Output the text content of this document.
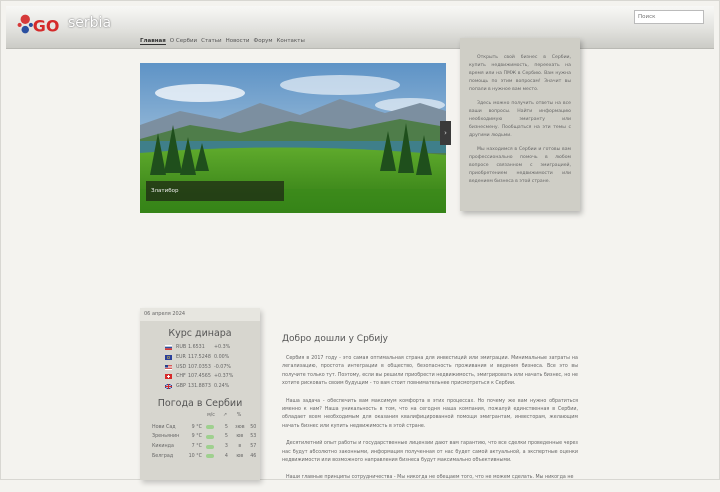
GO serbia
Поиск
Главная О Сербии Статьи Новости Форум Контакты
Златибор
›

Открыть свой бизнес в Сербии, купить недвижимость, переехать на время или на ПМЖ в Сербию. Вам нужна помощь по этим вопросам! Значит вы попали в нужное вам место.

Здесь можно получить ответы на все ваши вопросы. Найти информацию необходимую эмигранту или бизнесмену. Пообщаться на эти темы с другими людьми.

Мы находимся в Сербии и готовы вам профессионально помочь в любом вопросе связанном с эмиграцией, приобретением недвижимости или ведением бизнеса в этой стране.

06 апреля 2024
Курс динара
RUB 1.6531	+0.3%
EUR 117.5248 0.00%
USD 107.0353 -0.07%
CHF 107.4565 +0.37%
GBP 131.8873 0.24%
Погода в Сербии
м/с	↗	%
Нови Сад	9 °C	5	зюв	50
Зреньянин	9 °C	5	юв	53
Кикинда	7 °C	3	в	57
Белград	10 °C	4	юв	46
Добро дошли у Србију

Сербия в 2017 году - это самая оптимальная страна для инвестиций или эмиграции. Минимальные затраты на легализацию, простота интеграции в общество, безопасность проживания и ведения бизнеса. Все это вы получите только тут. Поэтому, если вы решили приобрести недвижимость, эмигрировать или начать бизнес, но не хотите рисковать своим будущим - то вам стоит повнимательнее присмотреться к Сербии.

Наша задача - обеспечить вам максимум комфорта в этих процессах. Но почему же вам нужно обратиться именно к нам? Наша уникальность в том, что на сегодня наша компания, пожалуй единственная в Сербии, обладает всем необходимым для оказания квалифицированной помощи эмигрантам, инвесторам, желающим начать бизнес или купить недвижимость в этой стране.

Десятилетний опыт работы и государственные лицензии дают вам гарантию, что все сделки проведенные через нас будут абсолютно законными, информация полученная от нас будет самой актуальной, а экспертные оценки недвижимости или возможного направления бизнеса будут максимально объективными.

Наши главные принципы сотрудничества - Мы никогда не обещаем того, что не можем сделать. Мы никогда не
